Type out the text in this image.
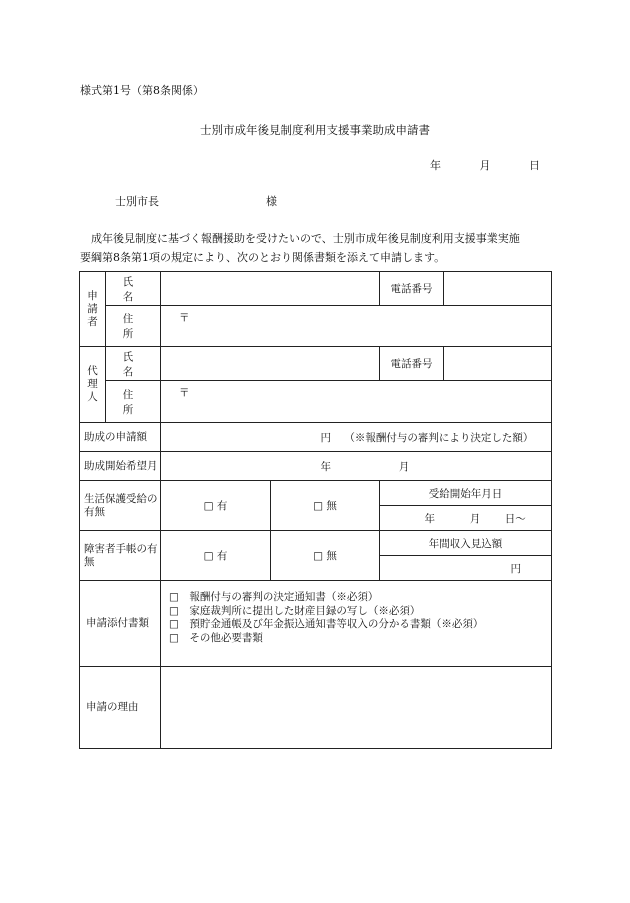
様式第1号（第8条関係）
士別市成年後見制度利用支援事業助成申請書
年	月	日
士別市長	様
成年後見制度に基づく報酬援助を受けたいので、士別市成年後見制度利用支援事業実施
要綱第8条第1項の規定により、次のとおり関係書類を添えて申請します。
申請者	氏 名			電話番号	
	住 所	〒			

代理人	氏 名			電話番号	
	住 所	〒			
助成の申請額		円 （※報酬付与の審判により決定した額）			
助成開始希望月		年 月			

生活保護受給の有無		□ 有	□ 無	受給開始年月日	
				年 月 日～	

障害者手帳の有無		□ 有	□ 無	年間収入見込額	
				円	
申請添付書類		□　報酬付与の審判の決定通知書（※必須）
□　家庭裁判所に提出した財産目録の写し（※必須）
□　預貯金通帳及び年金振込通知書等収入の分かる書類（※必須）
□　その他必要書類			

申請の理由					
